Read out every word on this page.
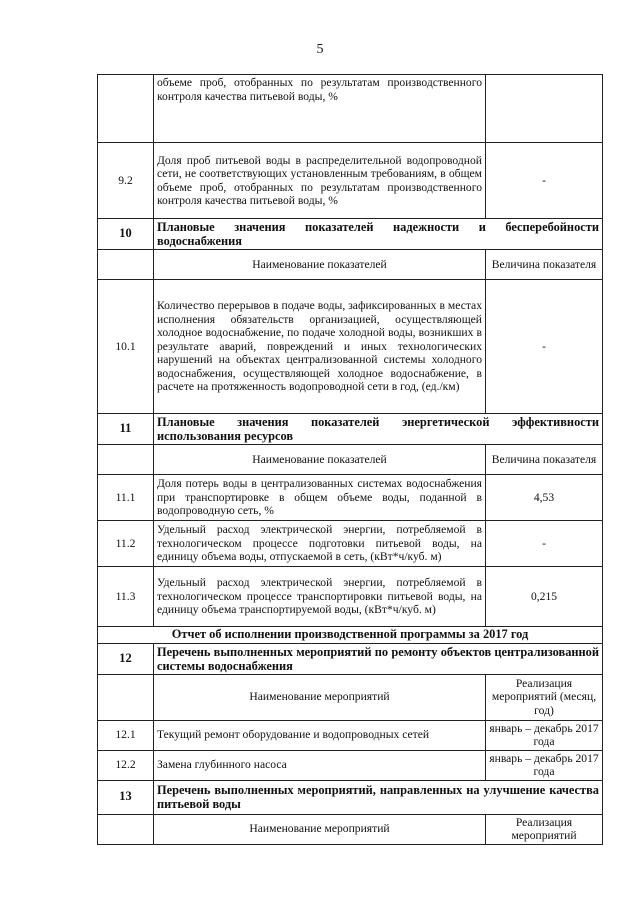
5
	объеме проб, отобранных по результатам производственного контроля качества питьевой воды, %	
9.2	Доля проб питьевой воды в распределительной водопроводной сети, не соответствующих установленным требованиям, в общем объеме проб, отобранных по результатам производственного контроля качества питьевой воды, %	-
10	Плановые значения показателей надежности и бесперебойности водоснабжения	
	Наименование показателей	Величина показателя
10.1	Количество перерывов в подаче воды, зафиксированных в местах исполнения обязательств организацией, осуществляющей холодное водоснабжение, по подаче холодной воды, возникших в результате аварий, повреждений и иных технологических нарушений на объектах централизованной системы холодного водоснабжения, осуществляющей холодное водоснабжение, в расчете на протяженность водопроводной сети в год, (ед./км)	-
11	Плановые значения показателей энергетической эффективности использования ресурсов	
	Наименование показателей	Величина показателя
11.1	Доля потерь воды в централизованных системах водоснабжения при транспортировке в общем объеме воды, поданной в водопроводную сеть, %	4,53
11.2	Удельный расход электрической энергии, потребляемой в технологическом процессе подготовки питьевой воды, на единицу объема воды, отпускаемой в сеть, (кВт*ч/куб. м)	-
11.3	Удельный расход электрической энергии, потребляемой в технологическом процессе транспортировки питьевой воды, на единицу объема транспортируемой воды, (кВт*ч/куб. м)	0,215
Отчет об исполнении производственной программы за 2017 год		
12	Перечень выполненных мероприятий по ремонту объектов централизованной системы водоснабжения	
	Наименование мероприятий	Реализация мероприятий (месяц, год)
12.1	Текущий ремонт оборудование и водопроводных сетей	январь – декабрь 2017 года
12.2	Замена глубинного насоса	январь – декабрь 2017 года
13	Перечень выполненных мероприятий, направленных на улучшение качества питьевой воды	
	Наименование мероприятий	Реализация мероприятий
